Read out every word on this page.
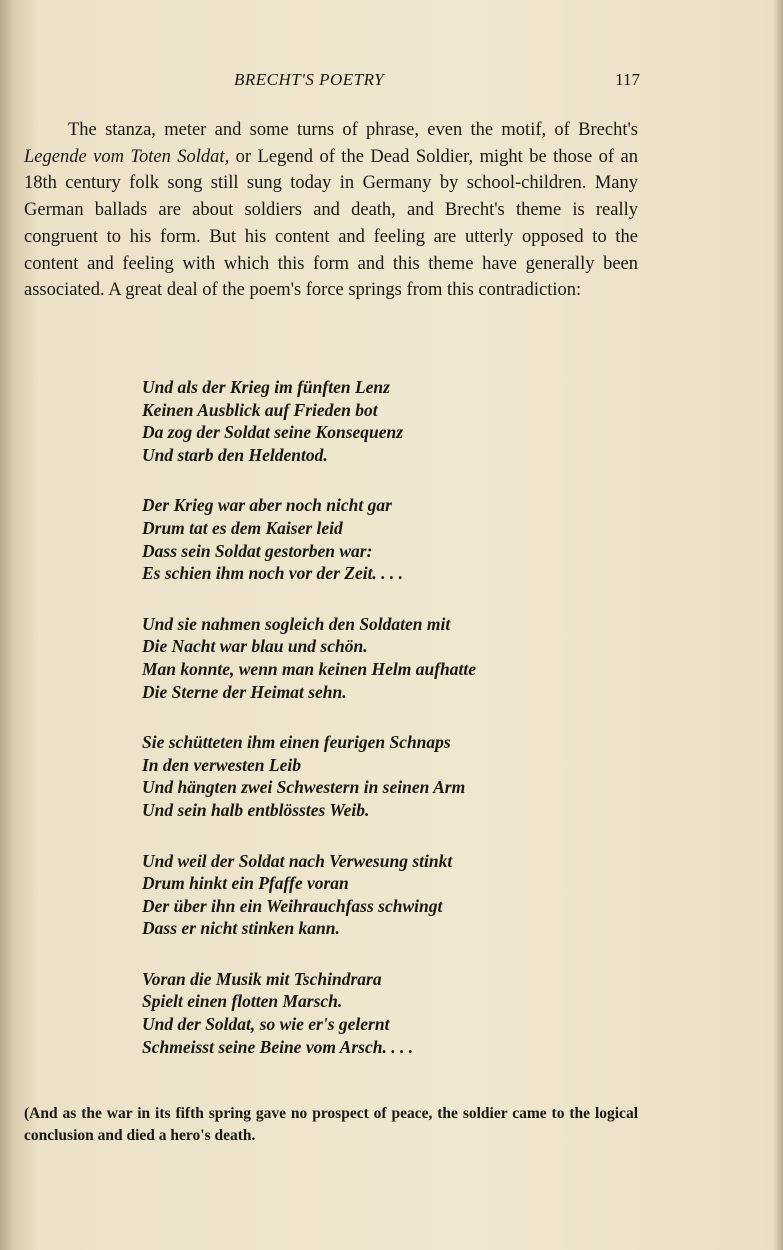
BRECHT'S POETRY	117

The stanza, meter and some turns of phrase, even the motif, of Brecht's Legende vom Toten Soldat, or Legend of the Dead Soldier, might be those of an 18th century folk song still sung today in Germany by school-children. Many German ballads are about soldiers and death, and Brecht's theme is really congruent to his form. But his content and feeling are utterly opposed to the content and feeling with which this form and this theme have generally been associated. A great deal of the poem's force springs from this contradiction:

Und als der Krieg im fünften Lenz
Keinen Ausblick auf Frieden bot
Da zog der Soldat seine Konsequenz
Und starb den Heldentod.
Der Krieg war aber noch nicht gar
Drum tat es dem Kaiser leid
Dass sein Soldat gestorben war:
Es schien ihm noch vor der Zeit. . . .
Und sie nahmen sogleich den Soldaten mit
Die Nacht war blau und schön.
Man konnte, wenn man keinen Helm aufhatte
Die Sterne der Heimat sehn.
Sie schütteten ihm einen feurigen Schnaps
In den verwesten Leib
Und hängten zwei Schwestern in seinen Arm
Und sein halb entblösstes Weib.
Und weil der Soldat nach Verwesung stinkt
Drum hinkt ein Pfaffe voran
Der über ihn ein Weihrauchfass schwingt
Dass er nicht stinken kann.
Voran die Musik mit Tschindrara
Spielt einen flotten Marsch.
Und der Soldat, so wie er's gelernt
Schmeisst seine Beine vom Arsch. . . .
(And as the war in its fifth spring gave no prospect of peace, the soldier came to the logical conclusion and died a hero's death.
